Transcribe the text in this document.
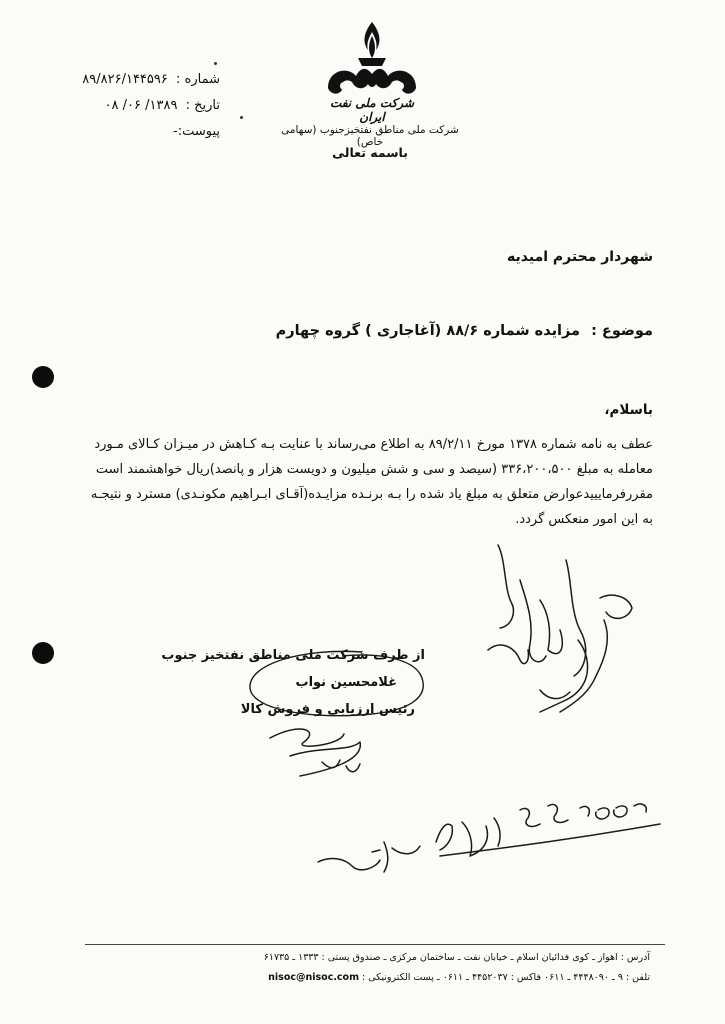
شرکت ملی نفت ایران
شرکت ملی مناطق نفتخیزجنوب (سهامی خاص)
باسمه تعالی
شماره : ۸۹/۸۲۶/۱۴۴۵۹۶
تاریخ : ۱۳۸۹/ ۰۶/ ۰۸
پیوست:-
شهردار محترم امیدیه
موضوع : مزایده شماره ۸۸/۶ (آغاجاری ) گروه چهارم
باسلام،

عطف به نامه شماره ۱۳۷۸ مورخ ۸۹/۲/۱۱ به اطلاع می‌رساند با عنایت بـه کـاهش در میـزان کـالای مـورد

معامله به مبلغ ۳۳۶،۲۰۰،۵۰۰ (سیصد و سی و شش میلیون و دویست هزار و پانصد)ریال خواهشمند است

مقررفرمایییدعوارض متعلق به مبلغ یاد شده را بـه برنـده مزایـده(آقـای ابـراهیم مکونـدی) مسترد و نتیجـه

به این امور منعکس گردد.

از طرف شرکت ملی مناطق نفتخیز جنوب
غلامحسین نواب
رئیس ارزیابی و فروش کالا
آدرس : اهواز ـ کوی فدائیان اسلام ـ خیابان نفت ـ ساختمان مرکزی ـ صندوق پستی : ۱۳۳۳ ـ ۶۱۷۳۵
تلفن : ۹ ـ ۴۴۴۸۰۹۰ ـ ۰۶۱۱ فاکس : ۴۴۵۲۰۳۷ ـ ۰۶۱۱ ـ پست الکترونیکی : nisoc@nisoc.com
